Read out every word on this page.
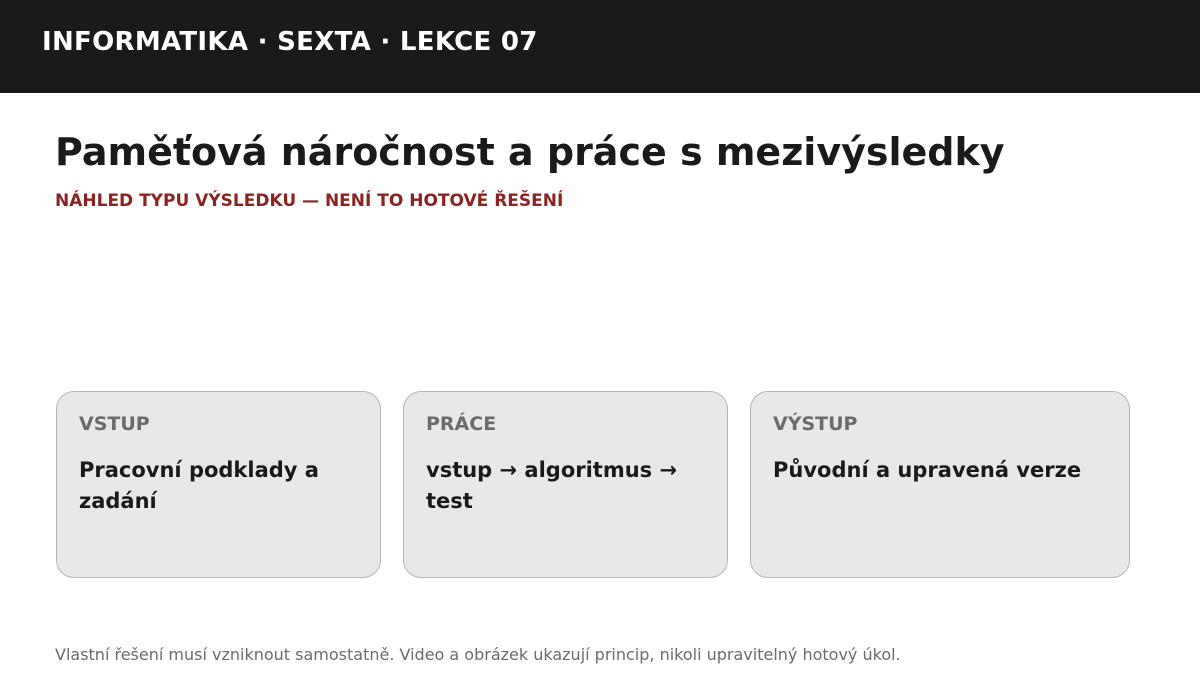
INFORMATIKA · SEXTA · LEKCE 07
Paměťová náročnost a práce s mezivýsledky
NÁHLED TYPU VÝSLEDKU — NENÍ TO HOTOVÉ ŘEŠENÍ
VSTUP
Pracovní podklady a zadání
PRÁCE
vstup → algoritmus → test
VÝSTUP
Původní a upravená verze
Vlastní řešení musí vzniknout samostatně. Video a obrázek ukazují princip, nikoli upravitelný hotový úkol.
